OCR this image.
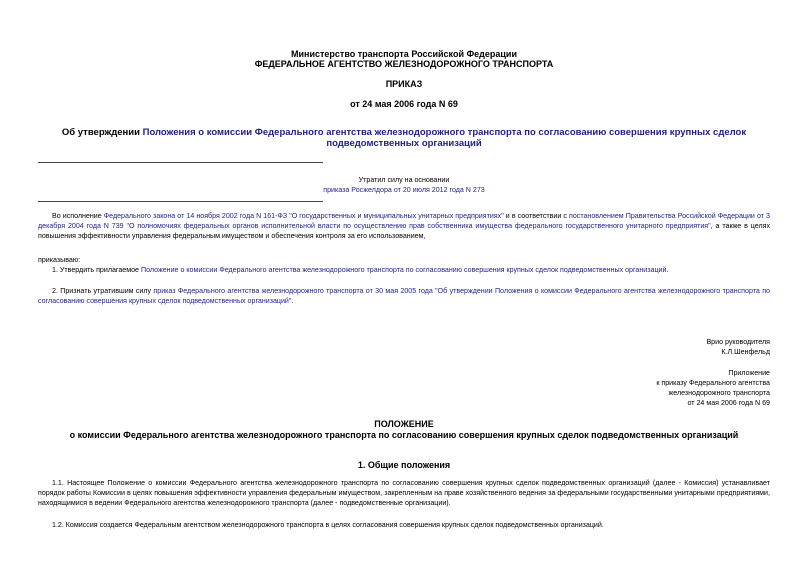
Министерство транспорта Российской Федерации
ФЕДЕРАЛЬНОЕ АГЕНТСТВО ЖЕЛЕЗНОДОРОЖНОГО ТРАНСПОРТА
ПРИКАЗ
от 24 мая 2006 года N 69
Об утверждении Положения о комиссии Федерального агентства железнодорожного транспорта по согласованию совершения крупных сделок подведомственных организаций
Утратил силу на основании
приказа Росжелдора от 20 июля 2012 года N 273
Во исполнение Федерального закона от 14 ноября 2002 года N 161-ФЗ "О государственных и муниципальных унитарных предприятиях" и в соответствии с постановлением Правительства Российской Федерации от 3 декабря 2004 года N 739 "О полномочиях федеральных органов исполнительной власти по осуществлению прав собственника имущества федерального государственного унитарного предприятия", а также в целях повышения эффективности управления федеральным имуществом и обеспечения контроля за его использованием,
приказываю:
1. Утвердить прилагаемое Положение о комиссии Федерального агентства железнодорожного транспорта по согласованию совершения крупных сделок подведомственных организаций.
2. Признать утратившим силу приказ Федерального агентства железнодорожного транспорта от 30 мая 2005 года "Об утверждении Положения о комиссии Федерального агентства железнодорожного транспорта по согласованию совершения крупных сделок подведомственных организаций".
Врио руководителя
К.Л.Шенфельд
Приложение
к приказу Федерального агентства
железнодорожного транспорта
от 24 мая 2006 года N 69
ПОЛОЖЕНИЕ
о комиссии Федерального агентства железнодорожного транспорта по согласованию совершения крупных сделок подведомственных организаций
1. Общие положения
1.1. Настоящее Положение о комиссии Федерального агентства железнодорожного транспорта по согласованию совершения крупных сделок подведомственных организаций (далее - Комиссия) устанавливает порядок работы Комиссии в целях повышения эффективности управления федеральным имуществом, закрепленным на праве хозяйственного ведения за федеральными государственными унитарными предприятиями, находящимися в ведении Федерального агентства железнодорожного транспорта (далее - подведомственные организации).
1.2. Комиссия создается Федеральным агентством железнодорожного транспорта в целях согласования совершения крупных сделок подведомственных организаций.
